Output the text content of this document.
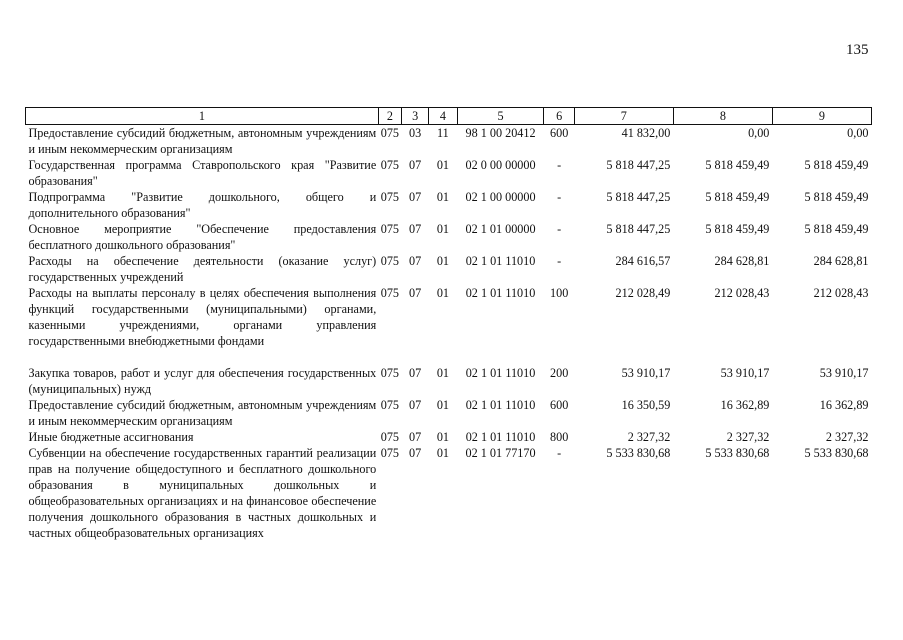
135
1	2	3	4	5	6	7	8	9
Предоставление субсидий бюджетным, автономным учреждениям и иным некоммерческим организациям	075	03	11	98 1 00 20412	600	41 832,00	0,00	0,00
Государственная программа Ставропольского края "Развитие образования"	075	07	01	02 0 00 00000	-	5 818 447,25	5 818 459,49	5 818 459,49
Подпрограмма "Развитие дошкольного, общего и дополнительного образования"	075	07	01	02 1 00 00000	-	5 818 447,25	5 818 459,49	5 818 459,49
Основное мероприятие "Обеспечение предоставления бесплатного дошкольного образования"	075	07	01	02 1 01 00000	-	5 818 447,25	5 818 459,49	5 818 459,49
Расходы на обеспечение деятельности (оказание услуг) государственных учреждений	075	07	01	02 1 01 11010	-	284 616,57	284 628,81	284 628,81
Расходы на выплаты персоналу в целях обеспечения выполнения функций государственными (муниципальными) органами, казенными учреждениями, органами управления государственными внебюджетными фондами	075	07	01	02 1 01 11010	100	212 028,49	212 028,43	212 028,43

Закупка товаров, работ и услуг для обеспечения государственных (муниципальных) нужд	075	07	01	02 1 01 11010	200	53 910,17	53 910,17	53 910,17
Предоставление субсидий бюджетным, автономным учреждениям и иным некоммерческим организациям	075	07	01	02 1 01 11010	600	16 350,59	16 362,89	16 362,89
Иные бюджетные ассигнования	075	07	01	02 1 01 11010	800	2 327,32	2 327,32	2 327,32
Субвенции на обеспечение государственных гарантий реализации прав на получение общедоступного и бесплатного дошкольного образования в муниципальных дошкольных и общеобразовательных организациях и на финансовое обеспечение получения дошкольного образования в частных дошкольных и частных общеобразовательных организациях	075	07	01	02 1 01 77170	-	5 533 830,68	5 533 830,68	5 533 830,68
